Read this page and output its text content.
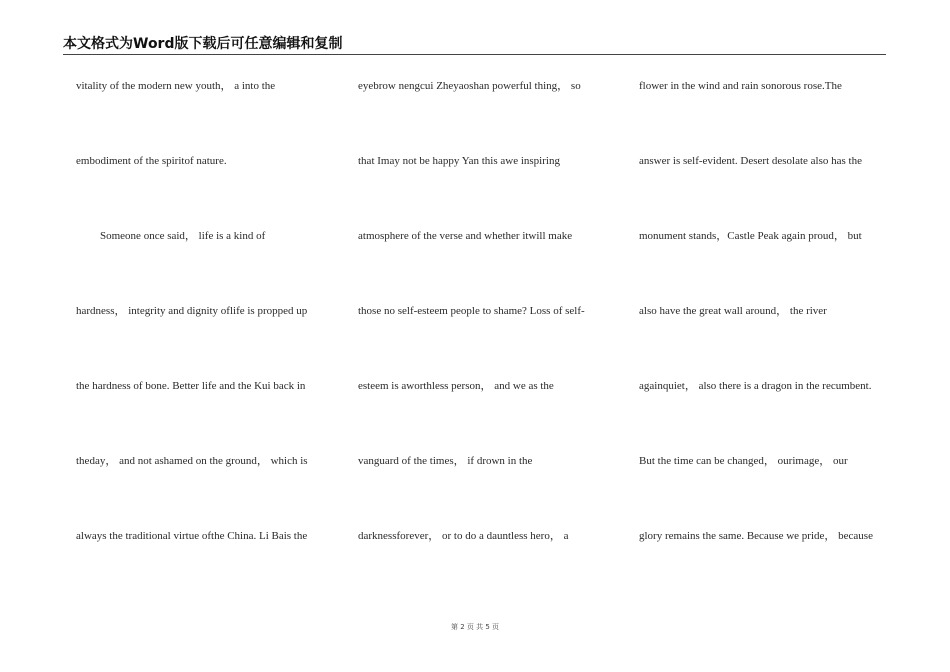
本文格式为Word版下载后可任意编辑和复制
vitality of the modern new youth， a into the
embodiment of the spiritof nature.
Someone once said， life is a kind of
hardness， integrity and dignity oflife is propped up
the hardness of bone. Better life and the Kui back in
theday， and not ashamed on the ground， which is
always the traditional virtue ofthe China. Li Bais the
eyebrow nengcui Zheyaoshan powerful thing， so
that Imay not be happy Yan this awe inspiring
atmosphere of the verse and whether itwill make
those no self-esteem people to shame? Loss of self-
esteem is aworthless person， and we as the
vanguard of the times， if drown in the
darknessforever， or to do a dauntless hero， a
flower in the wind and rain sonorous rose.The
answer is self-evident. Desert desolate also has the
monument stands，Castle Peak again proud， but
also have the great wall around， the river
againquiet， also there is a dragon in the recumbent.
But the time can be changed， ourimage， our
glory remains the same. Because we pride， because
第 2 页 共 5 页
